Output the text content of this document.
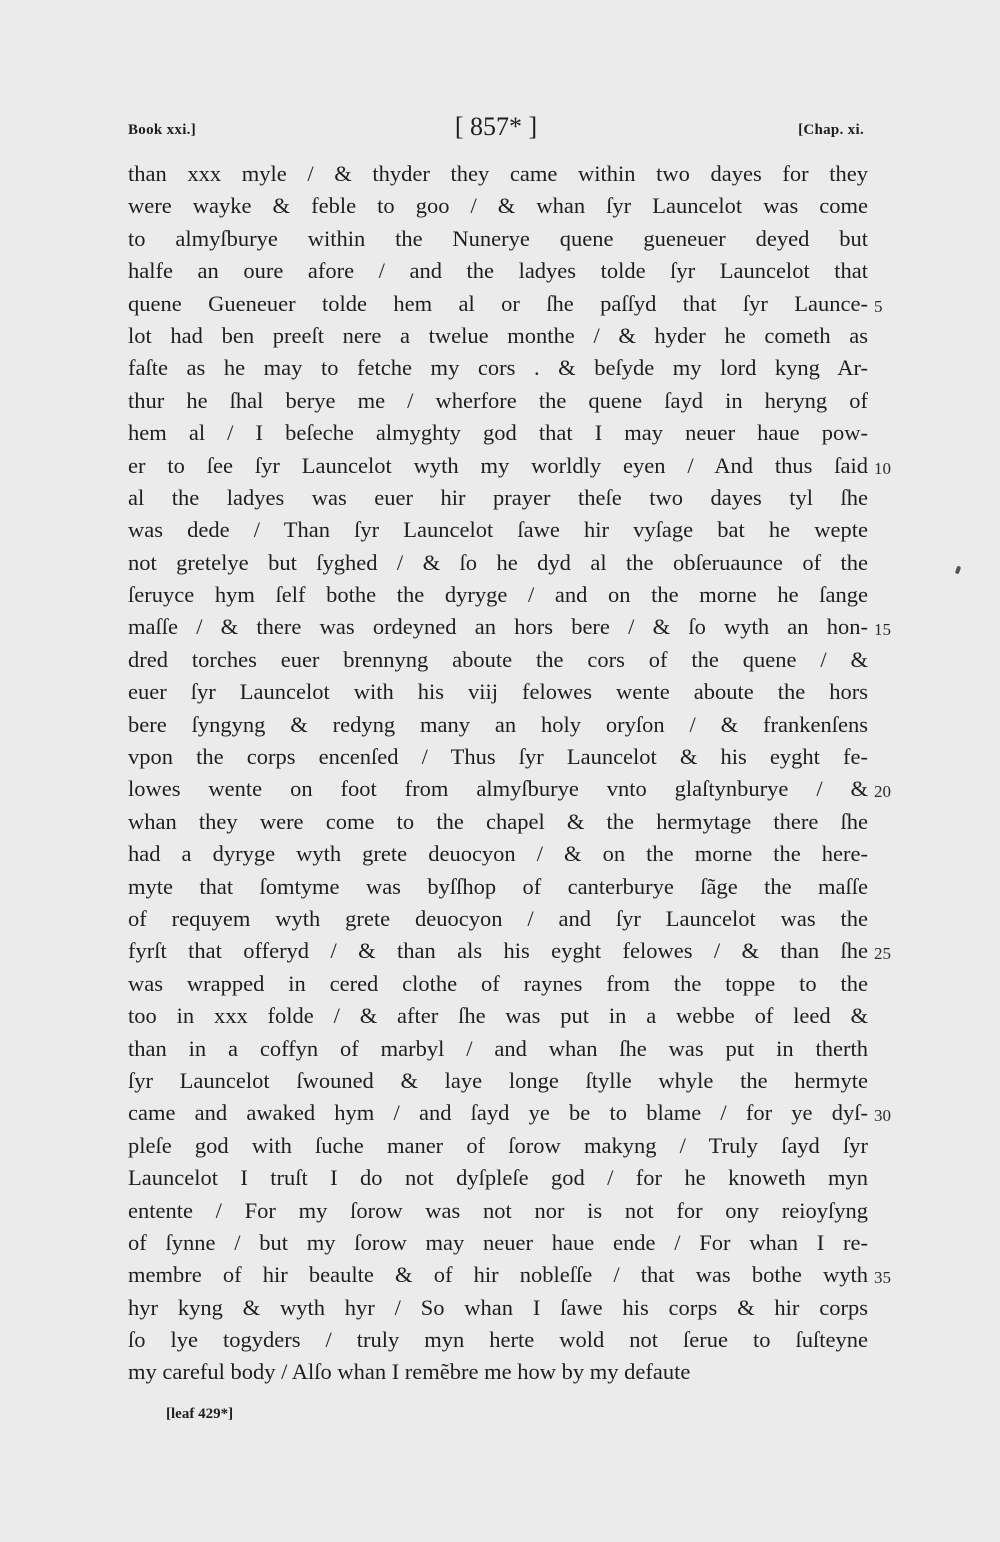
Book xxi.]	[ 857* ]	[Chap. xi.
than xxx myle / & thyder they came within two dayes for they
were wayke & feble to goo / & whan ſyr Launcelot was come
to almyſburye within the Nunerye quene gueneuer deyed but
halfe an oure afore / and the ladyes tolde ſyr Launcelot that
quene Gueneuer tolde hem al or ſhe paſſyd that ſyr Launce- 5
lot had ben preeſt nere a twelue monthe / & hyder he cometh as
faſte as he may to fetche my cors . & beſyde my lord kyng Ar-
thur he ſhal berye me / wherfore the quene ſayd in heryng of
hem al / I beſeche almyghty god that I may neuer haue pow-
er to ſee ſyr Launcelot wyth my worldly eyen / And thus ſaid 10
al the ladyes was euer hir prayer theſe two dayes tyl ſhe
was dede / Than ſyr Launcelot ſawe hir vyſage bat he wepte
not gretelye but ſyghed / & ſo he dyd al the obſeruaunce of the
ſeruyce hym ſelf bothe the dyryge / and on the morne he ſange
maſſe / & there was ordeyned an hors bere / & ſo wyth an hon- 15
dred torches euer brennyng aboute the cors of the quene / &
euer ſyr Launcelot with his viij felowes wente aboute the hors
bere ſyngyng & redyng many an holy oryſon / & frankenſens
vpon the corps encenſed / Thus ſyr Launcelot & his eyght fe-
lowes wente on foot from almyſburye vnto glaſtynburye / & 20
whan they were come to the chapel & the hermytage there ſhe
had a dyryge wyth grete deuocyon / & on the morne the here-
myte that ſomtyme was byſſhop of canterburye ſãge the maſſe
of requyem wyth grete deuocyon / and ſyr Launcelot was the
fyrſt that offeryd / & than als his eyght felowes / & than ſhe 25
was wrapped in cered clothe of raynes from the toppe to the
too in xxx folde / & after ſhe was put in a webbe of leed &
than in a coffyn of marbyl / and whan ſhe was put in therth
ſyr Launcelot ſwouned & laye longe ſtylle whyle the hermyte
came and awaked hym / and ſayd ye be to blame / for ye dyſ- 30
pleſe god with ſuche maner of ſorow makyng / Truly ſayd ſyr
Launcelot I truſt I do not dyſpleſe god / for he knoweth myn
entente / For my ſorow was not nor is not for ony reioyſyng
of ſynne / but my ſorow may neuer haue ende / For whan I re-
membre of hir beaulte & of hir nobleſſe / that was bothe wyth 35
hyr kyng & wyth hyr / So whan I ſawe his corps & hir corps
ſo lye togyders / truly myn herte wold not ſerue to ſuſteyne
my careful body / Alſo whan I remẽbre me how by my defaute
[leaf 429*]
